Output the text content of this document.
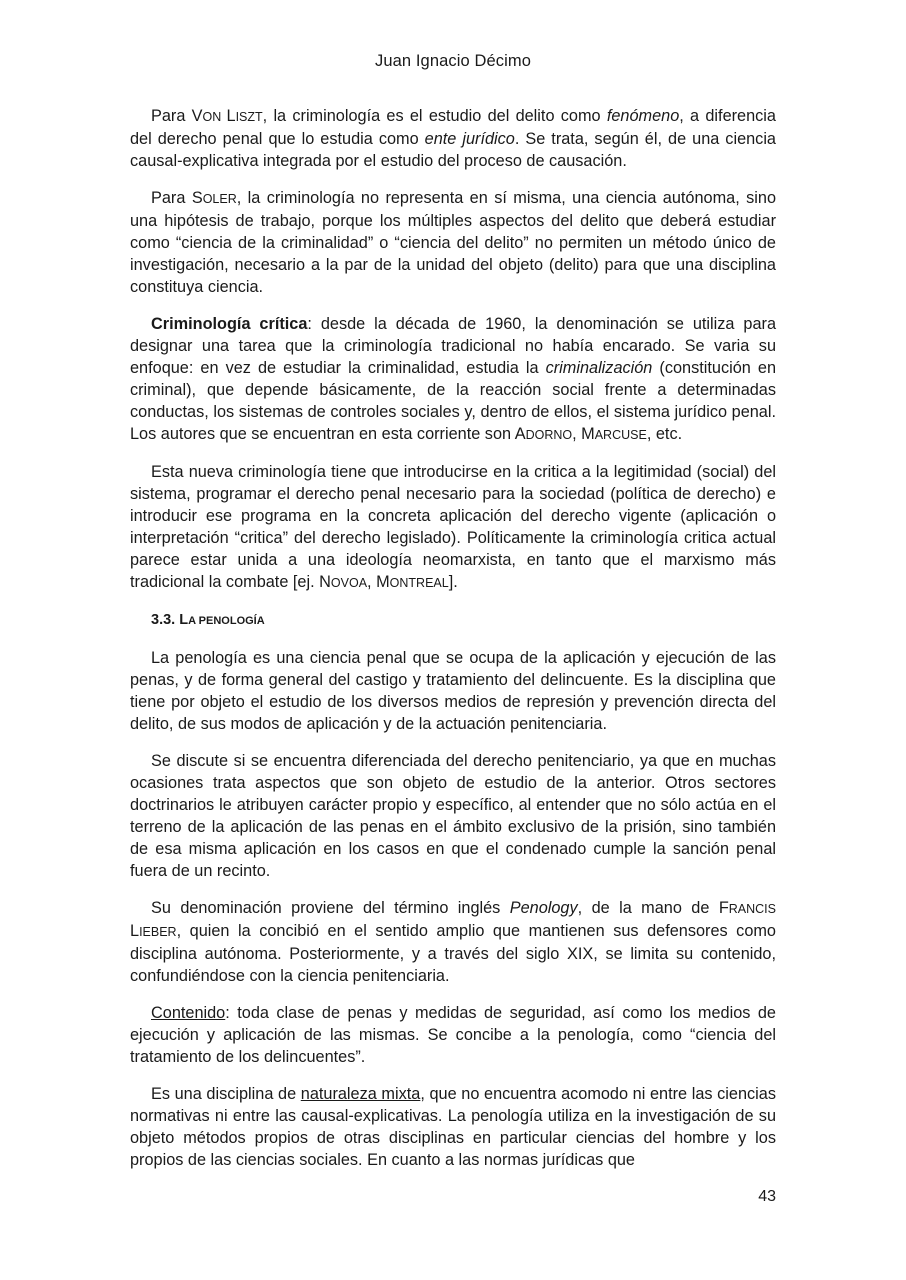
Juan Ignacio Décimo

Para VON LISZT, la criminología es el estudio del delito como fenómeno, a diferencia del derecho penal que lo estudia como ente jurídico. Se trata, según él, de una ciencia causal-explicativa integrada por el estudio del proceso de causación.

Para SOLER, la criminología no representa en sí misma, una ciencia autónoma, sino una hipótesis de trabajo, porque los múltiples aspectos del delito que deberá estudiar como “ciencia de la criminalidad” o “ciencia del delito” no permiten un método único de investigación, necesario a la par de la unidad del objeto (delito) para que una disciplina constituya ciencia.

Criminología crítica: desde la década de 1960, la denominación se utiliza para designar una tarea que la criminología tradicional no había encarado. Se varia su enfoque: en vez de estudiar la criminalidad, estudia la criminalización (constitución en criminal), que depende básicamente, de la reacción social frente a determinadas conductas, los sistemas de controles sociales y, dentro de ellos, el sistema jurídico penal. Los autores que se encuentran en esta corriente son ADORNO, MARCUSE, etc.

Esta nueva criminología tiene que introducirse en la critica a la legitimidad (social) del sistema, programar el derecho penal necesario para la sociedad (política de derecho) e introducir ese programa en la concreta aplicación del derecho vigente (aplicación o interpretación “critica” del derecho legislado). Políticamente la criminología critica actual parece estar unida a una ideología neomarxista, en tanto que el marxismo más tradicional la combate [ej. NOVOA, MONTREAL].

3.3. LA PENOLOGÍA

La penología es una ciencia penal que se ocupa de la aplicación y ejecución de las penas, y de forma general del castigo y tratamiento del delincuente. Es la disciplina que tiene por objeto el estudio de los diversos medios de represión y prevención directa del delito, de sus modos de aplicación y de la actuación penitenciaria.

Se discute si se encuentra diferenciada del derecho penitenciario, ya que en muchas ocasiones trata aspectos que son objeto de estudio de la anterior. Otros sectores doctrinarios le atribuyen carácter propio y específico, al entender que no sólo actúa en el terreno de la aplicación de las penas en el ámbito exclusivo de la prisión, sino también de esa misma aplicación en los casos en que el condenado cumple la sanción penal fuera de un recinto.

Su denominación proviene del término inglés Penology, de la mano de FRANCIS LIEBER, quien la concibió en el sentido amplio que mantienen sus defensores como disciplina autónoma. Posteriormente, y a través del siglo XIX, se limita su contenido, confundiéndose con la ciencia penitenciaria.

Contenido: toda clase de penas y medidas de seguridad, así como los medios de ejecución y aplicación de las mismas. Se concibe a la penología, como “ciencia del tratamiento de los delincuentes”.

Es una disciplina de naturaleza mixta, que no encuentra acomodo ni entre las ciencias normativas ni entre las causal-explicativas. La penología utiliza en la investigación de su objeto métodos propios de otras disciplinas en particular ciencias del hombre y los propios de las ciencias sociales. En cuanto a las normas jurídicas que

43
